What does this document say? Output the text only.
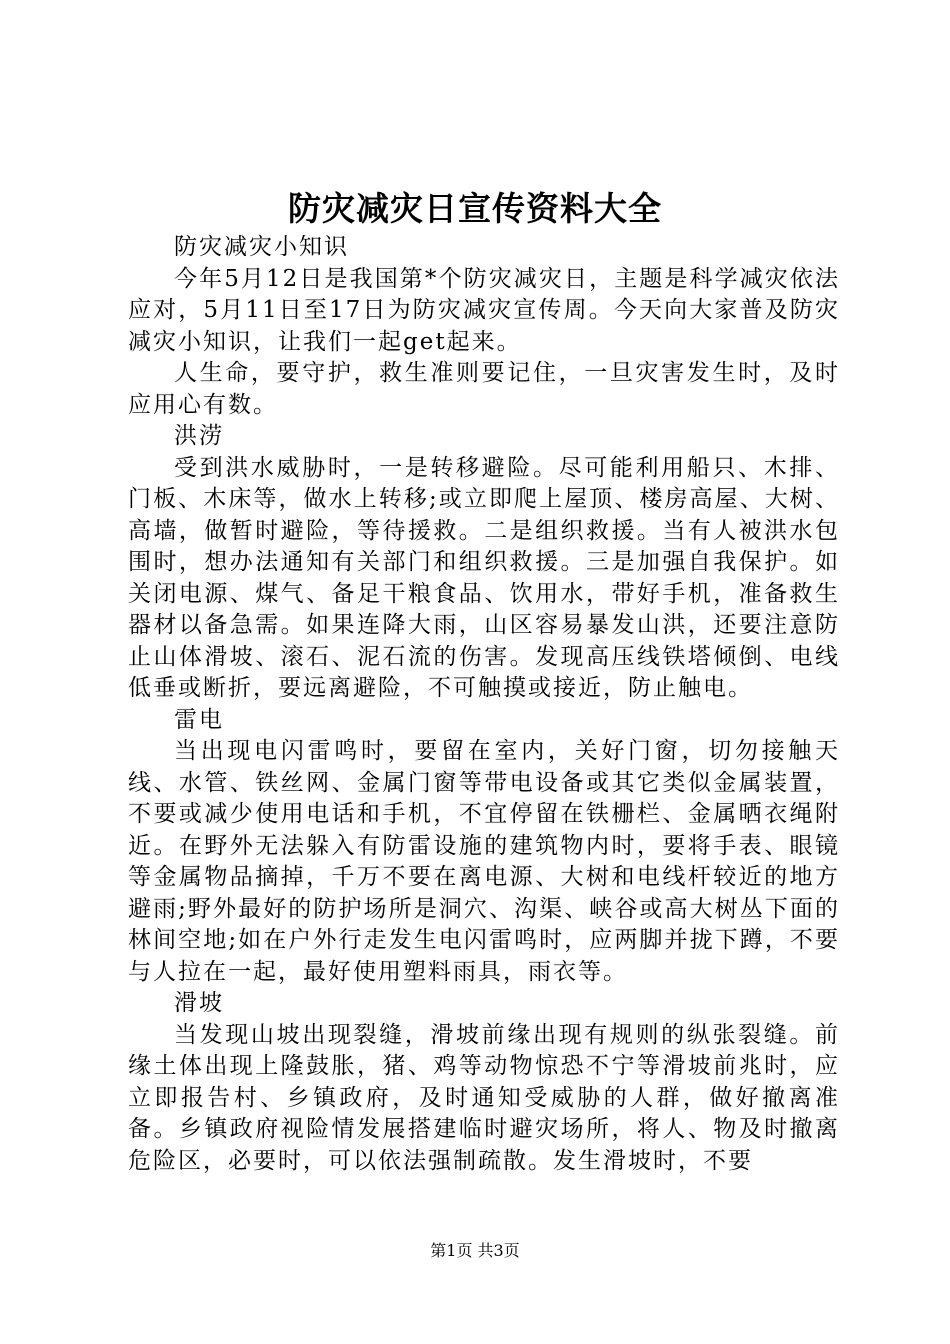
防灾减灾日宣传资料大全

防灾减灾小知识

今年5月12日是我国第*个防灾减灾日，主题是科学减灾依法应对，5月11日至17日为防灾减灾宣传周。今天向大家普及防灾减灾小知识，让我们一起get起来。

人生命，要守护，救生准则要记住，一旦灾害发生时，及时应用心有数。

洪涝

受到洪水威胁时，一是转移避险。尽可能利用船只、木排、门板、木床等，做水上转移;或立即爬上屋顶、楼房高屋、大树、高墙，做暂时避险，等待援救。二是组织救援。当有人被洪水包围时，想办法通知有关部门和组织救援。三是加强自我保护。如关闭电源、煤气、备足干粮食品、饮用水，带好手机，准备救生器材以备急需。如果连降大雨，山区容易暴发山洪，还要注意防止山体滑坡、滚石、泥石流的伤害。发现高压线铁塔倾倒、电线低垂或断折，要远离避险，不可触摸或接近，防止触电。

雷电

当出现电闪雷鸣时，要留在室内，关好门窗，切勿接触天线、水管、铁丝网、金属门窗等带电设备或其它类似金属装置，不要或减少使用电话和手机，不宜停留在铁栅栏、金属晒衣绳附近。在野外无法躲入有防雷设施的建筑物内时，要将手表、眼镜等金属物品摘掉，千万不要在离电源、大树和电线杆较近的地方避雨;野外最好的防护场所是洞穴、沟渠、峡谷或高大树丛下面的林间空地;如在户外行走发生电闪雷鸣时，应两脚并拢下蹲，不要与人拉在一起，最好使用塑料雨具，雨衣等。

滑坡

当发现山坡出现裂缝，滑坡前缘出现有规则的纵张裂缝。前缘土体出现上隆鼓胀，猪、鸡等动物惊恐不宁等滑坡前兆时，应立即报告村、乡镇政府，及时通知受威胁的人群，做好撤离准备。乡镇政府视险情发展搭建临时避灾场所，将人、物及时撤离危险区，必要时，可以依法强制疏散。发生滑坡时，不要

第1页 共3页
